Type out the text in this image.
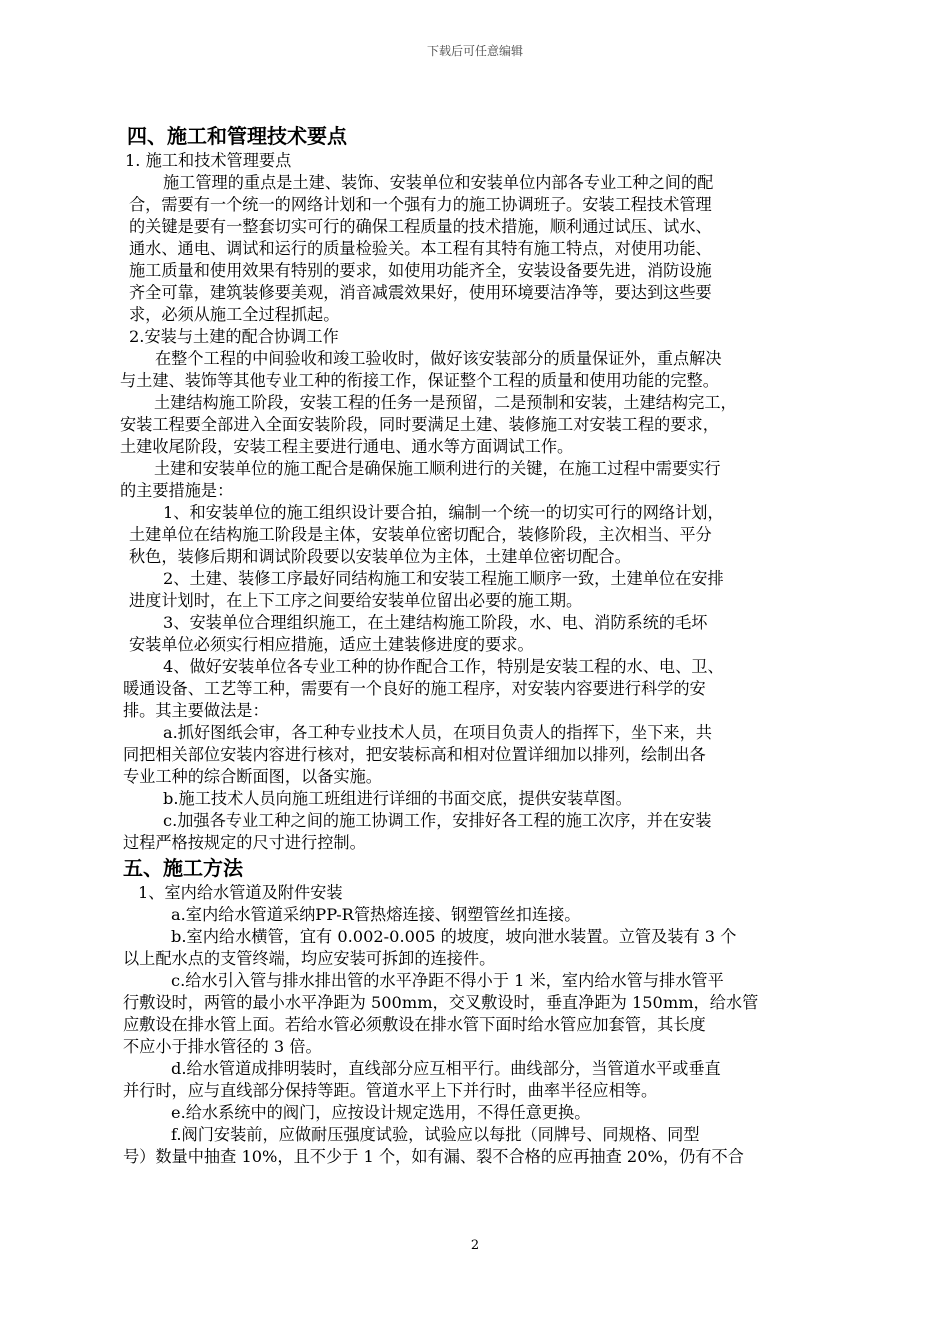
下载后可任意编辑
四、施工和管理技术要点
1. 施工和技术管理要点
施工管理的重点是土建、装饰、安装单位和安装单位内部各专业工种之间的配
合，需要有一个统一的网络计划和一个强有力的施工协调班子。安装工程技术管理
的关键是要有一整套切实可行的确保工程质量的技术措施，顺利通过试压、试水、
通水、通电、调试和运行的质量检验关。本工程有其特有施工特点，对使用功能、
施工质量和使用效果有特别的要求，如使用功能齐全，安装设备要先进，消防设施
齐全可靠，建筑装修要美观，消音减震效果好，使用环境要洁净等，要达到这些要
求，必须从施工全过程抓起。
2.安装与土建的配合协调工作
在整个工程的中间验收和竣工验收时，做好该安装部分的质量保证外，重点解决
与土建、装饰等其他专业工种的衔接工作，保证整个工程的质量和使用功能的完整。
土建结构施工阶段，安装工程的任务一是预留，二是预制和安装，土建结构完工，
安装工程要全部进入全面安装阶段，同时要满足土建、装修施工对安装工程的要求，
土建收尾阶段，安装工程主要进行通电、通水等方面调试工作。
土建和安装单位的施工配合是确保施工顺利进行的关键，在施工过程中需要实行
的主要措施是：
1、和安装单位的施工组织设计要合拍，编制一个统一的切实可行的网络计划，
土建单位在结构施工阶段是主体，安装单位密切配合，装修阶段，主次相当、平分
秋色，装修后期和调试阶段要以安装单位为主体，土建单位密切配合。
2、土建、装修工序最好同结构施工和安装工程施工顺序一致，土建单位在安排
进度计划时，在上下工序之间要给安装单位留出必要的施工期。
3、安装单位合理组织施工，在土建结构施工阶段，水、电、消防系统的毛坏
安装单位必须实行相应措施，适应土建装修进度的要求。
4、做好安装单位各专业工种的协作配合工作，特别是安装工程的水、电、卫、
暖通设备、工艺等工种，需要有一个良好的施工程序，对安装内容要进行科学的安
排。其主要做法是：
a.抓好图纸会审，各工种专业技术人员，在项目负责人的指挥下，坐下来，共
同把相关部位安装内容进行核对，把安装标高和相对位置详细加以排列，绘制出各
专业工种的综合断面图，以备实施。
b.施工技术人员向施工班组进行详细的书面交底，提供安装草图。
c.加强各专业工种之间的施工协调工作，安排好各工程的施工次序，并在安装
过程严格按规定的尺寸进行控制。
五、施工方法
1、室内给水管道及附件安装
a.室内给水管道采纳PP-R管热熔连接、钢塑管丝扣连接。
b.室内给水横管，宜有 0.002-0.005 的坡度，坡向泄水装置。立管及装有 3 个
以上配水点的支管终端，均应安装可拆卸的连接件。
c.给水引入管与排水排出管的水平净距不得小于 1 米，室内给水管与排水管平
行敷设时，两管的最小水平净距为 500mm，交叉敷设时，垂直净距为 150mm，给水管
应敷设在排水管上面。若给水管必须敷设在排水管下面时给水管应加套管，其长度
不应小于排水管径的 3 倍。
d.给水管道成排明装时，直线部分应互相平行。曲线部分，当管道水平或垂直
并行时，应与直线部分保持等距。管道水平上下并行时，曲率半径应相等。
e.给水系统中的阀门，应按设计规定选用，不得任意更换。
f.阀门安装前，应做耐压强度试验，试验应以每批（同牌号、同规格、同型
号）数量中抽查 10%，且不少于 1 个，如有漏、裂不合格的应再抽查 20%，仍有不合
2
